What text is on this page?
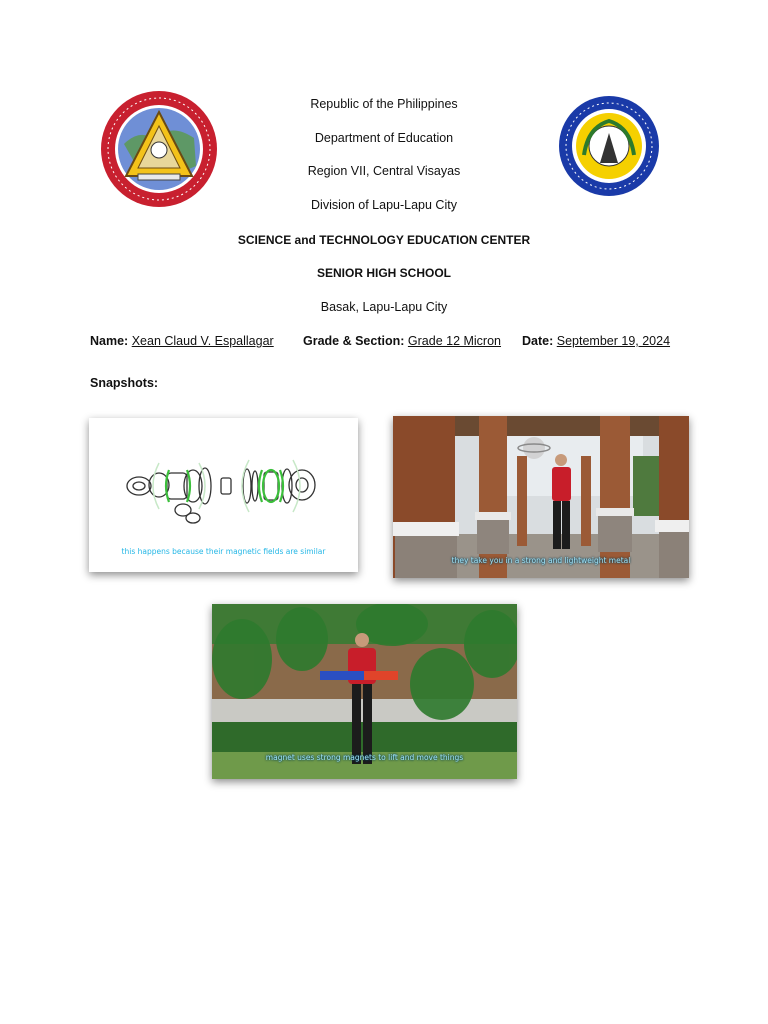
Republic of the Philippines
Department of Education
Region VII, Central Visayas
Division of Lapu-Lapu City
SCIENCE and TECHNOLOGY EDUCATION CENTER
SENIOR HIGH SCHOOL
Basak, Lapu-Lapu City
Name: Xean Claud V. Espallagar Grade & Section: Grade 12 Micron Date: September 19, 2024
Snapshots:
this happens because their magnetic fields are similar
they take you in a strong and lightweight metal
magnet uses strong magnets to lift and move things
